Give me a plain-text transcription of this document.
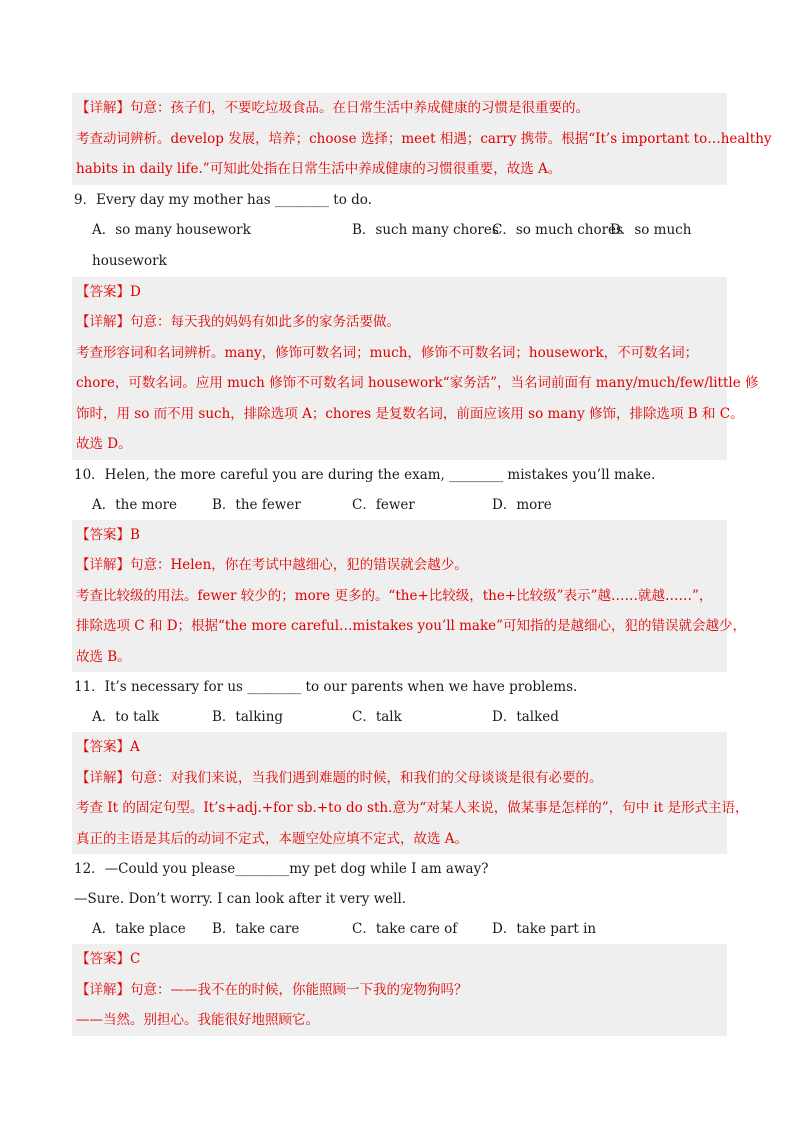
【详解】句意：孩子们，不要吃垃圾食品。在日常生活中养成健康的习惯是很重要的。
考查动词辨析。develop 发展，培养；choose 选择；meet 相遇；carry 携带。根据“It’s important to…healthy
habits in daily life.”可知此处指在日常生活中养成健康的习惯很重要，故选 A。
9．Every day my mother has ________ to do.
A．so many housework	B．such many chores
C．so much chores
D．so much
housework
【答案】D
【详解】句意：每天我的妈妈有如此多的家务活要做。
考查形容词和名词辨析。many，修饰可数名词；much，修饰不可数名词；housework，不可数名词；
chore，可数名词。应用 much 修饰不可数名词 housework“家务活”，当名词前面有 many/much/few/little 修
饰时，用 so 而不用 such，排除选项 A；chores 是复数名词，前面应该用 so many 修饰，排除选项 B 和 C。
故选 D。
10．Helen, the more careful you are during the exam, ________ mistakes you’ll make.
A．the more	B．the fewer	C．fewer	D．more
【答案】B
【详解】句意：Helen，你在考试中越细心，犯的错误就会越少。
考查比较级的用法。fewer 较少的；more 更多的。“the+比较级，the+比较级”表示”越……就越……”，
排除选项 C 和 D；根据“the more careful…mistakes you’ll make”可知指的是越细心，犯的错误就会越少，
故选 B。
11．It’s necessary for us ________ to our parents when we have problems.
A．to talk	B．talking	C．talk	D．talked
【答案】A
【详解】句意：对我们来说，当我们遇到难题的时候，和我们的父母谈谈是很有必要的。
考查 It 的固定句型。It’s+adj.+for sb.+to do sth.意为“对某人来说，做某事是怎样的”，句中 it 是形式主语，
真正的主语是其后的动词不定式，本题空处应填不定式，故选 A。
12．—Could you please________my pet dog while I am away?
—Sure. Don’t worry. I can look after it very well.
A．take place B．take care	C．take care of	D．take part in
【答案】C
【详解】句意：——我不在的时候，你能照顾一下我的宠物狗吗？
——当然。别担心。我能很好地照顾它。
